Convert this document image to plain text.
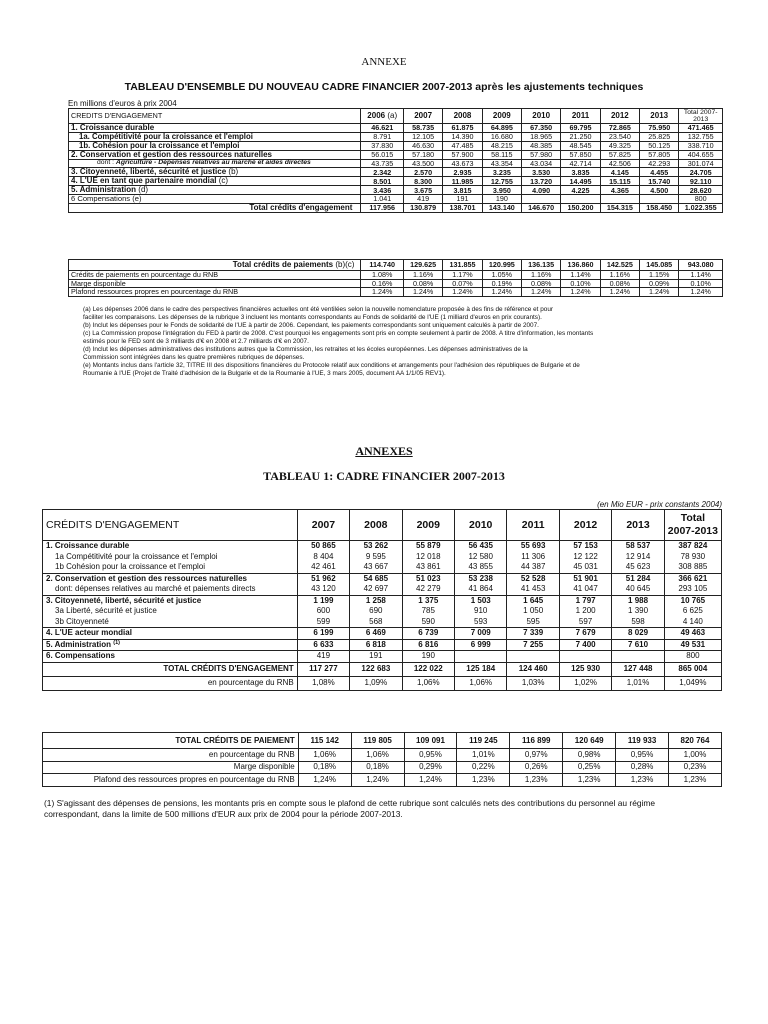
ANNEXE
TABLEAU D'ENSEMBLE DU NOUVEAU CADRE FINANCIER 2007-2013 après les ajustements techniques
En millions d'euros à prix 2004
CREDITS D'ENGAGEMENT	2006 (a)	2007	2008	2009	2010	2011	2012	2013	Total 2007-
2013
1. Croissance durable	46.621	58.735	61.875	64.895	67.350	69.795	72.865	75.950	471.465
1a. Compétitivité pour la croissance et l'emploi	8.791	12.105	14.390	16.680	18.965	21.250	23.540	25.825	132.755
1b. Cohésion pour la croissance et l'emploi	37.830	46.630	47.485	48.215	48.385	48.545	49.325	50.125	338.710
2. Conservation et gestion des ressources naturelles	56.015	57.180	57.900	58.115	57.980	57.850	57.825	57.805	404.655
dont : Agriculture - Dépenses relatives au marché et aides directes	43.735	43.500	43.673	43.354	43.034	42.714	42.506	42.293	301.074
3. Citoyenneté, liberté, sécurité et justice (b)	2.342	2.570	2.935	3.235	3.530	3.835	4.145	4.455	24.705
4. L'UE en tant que partenaire mondial (c)	8.501	8.300	11.985	12.755	13.720	14.495	15.115	15.740	92.110
5. Administration (d)	3.436	3.675	3.815	3.950	4.090	4.225	4.365	4.500	28.620
6 Compensations (e)	1.041	419	191	190					800
Total crédits d'engagement	117.956	130.879	138.701	143.140	146.670	150.200	154.315	158.450	1.022.355
Total crédits de paiements (b)(c)	114.740	129.625	131.855	120.995	136.135	136.860	142.525	145.085	943.080
Crédits de paiements en pourcentage du RNB	1.08%	1.16%	1.17%	1.05%	1.16%	1.14%	1.16%	1.15%	1.14%
Marge disponible	0.16%	0.08%	0.07%	0.19%	0.08%	0.10%	0.08%	0.09%	0.10%
Plafond ressources propres en pourcentage du RNB	1.24%	1.24%	1.24%	1.24%	1.24%	1.24%	1.24%	1.24%	1.24%

(a) Les dépenses 2006 dans le cadre des perspectives financières actuelles ont été ventilées selon la nouvelle nomenclature proposée à des fins de référence et pour

faciliter les comparaisons. Les dépenses de la rubrique 3 incluent les montants correspondants au Fonds de solidarité de l'UE (1 milliard d'euros en prix courants).

(b) Inclut les dépenses pour le Fonds de solidarité de l'UE à partir de 2006. Cependant, les paiements correspondants sont uniquement calculés à partir de 2007.

(c) La Commission propose l'intégration du FED à partir de 2008. C'est pourquoi les engagements sont pris en compte seulement à partir de 2008. A titre d'information, les montants

estimés pour le FED sont de 3 milliards d'€ en 2008 et 2.7 milliards d'€ en 2007.

(d) Inclut les dépenses administratives des institutions autres que la Commission, les retraites et les écoles européennes. Les dépenses administratives de la

Commission sont intégrées dans les quatre premières rubriques de dépenses.

(e) Montants inclus dans l'article 32, TITRE III des dispositions financières du Protocole relatif aux conditions et arrangements pour l'adhésion des républiques de Bulgarie et de

Roumanie à l'UE (Projet de Traité d'adhésion de la Bulgarie et de la Roumanie à l'UE, 3 mars 2005, document AA 1/1/05 REV1).

ANNEXES
TABLEAU 1: CADRE FINANCIER 2007-2013
(en Mio EUR - prix constants 2004)
CRÉDITS D'ENGAGEMENT	2007	2008	2009	2010	2011	2012	2013	Total
2007-2013
1. Croissance durable	50 865	53 262	55 879	56 435	55 693	57 153	58 537	387 824
1a Compétitivité pour la croissance et l'emploi	8 404	9 595	12 018	12 580	11 306	12 122	12 914	78 930
1b Cohésion pour la croissance et l'emploi	42 461	43 667	43 861	43 855	44 387	45 031	45 623	308 885
2. Conservation et gestion des ressources naturelles	51 962	54 685	51 023	53 238	52 528	51 901	51 284	366 621
dont: dépenses relatives au marché et paiements directs	43 120	42 697	42 279	41 864	41 453	41 047	40 645	293 105
3. Citoyenneté, liberté, sécurité et justice	1 199	1 258	1 375	1 503	1 645	1 797	1 988	10 765
3a Liberté, sécurité et justice	600	690	785	910	1 050	1 200	1 390	6 625
3b Citoyenneté	599	568	590	593	595	597	598	4 140
4. L'UE acteur mondial	6 199	6 469	6 739	7 009	7 339	7 679	8 029	49 463
5. Administration $^{(1)}$	6 633	6 818	6 816	6 999	7 255	7 400	7 610	49 531
6. Compensations	419	191	190					800
TOTAL CRÉDITS D'ENGAGEMENT	117 277	122 683	122 022	125 184	124 460	125 930	127 448	865 004
en pourcentage du RNB	1,08%	1,09%	1,06%	1,06%	1,03%	1,02%	1,01%	1,049%
TOTAL CRÉDITS DE PAIEMENT	115 142	119 805	109 091	119 245	116 899	120 649	119 933	820 764
en pourcentage du RNB	1,06%	1,06%	0,95%	1,01%	0,97%	0,98%	0,95%	1,00%
Marge disponible	0,18%	0,18%	0,29%	0,22%	0,26%	0,25%	0,28%	0,23%
Plafond des ressources propres en pourcentage du RNB	1,24%	1,24%	1,24%	1,23%	1,23%	1,23%	1,23%	1,23%

(1) S'agissant des dépenses de pensions, les montants pris en compte sous le plafond de cette rubrique sont calculés nets des contributions du personnel au régime

correspondant, dans la limite de 500 millions d'EUR aux prix de 2004 pour la période 2007-2013.
